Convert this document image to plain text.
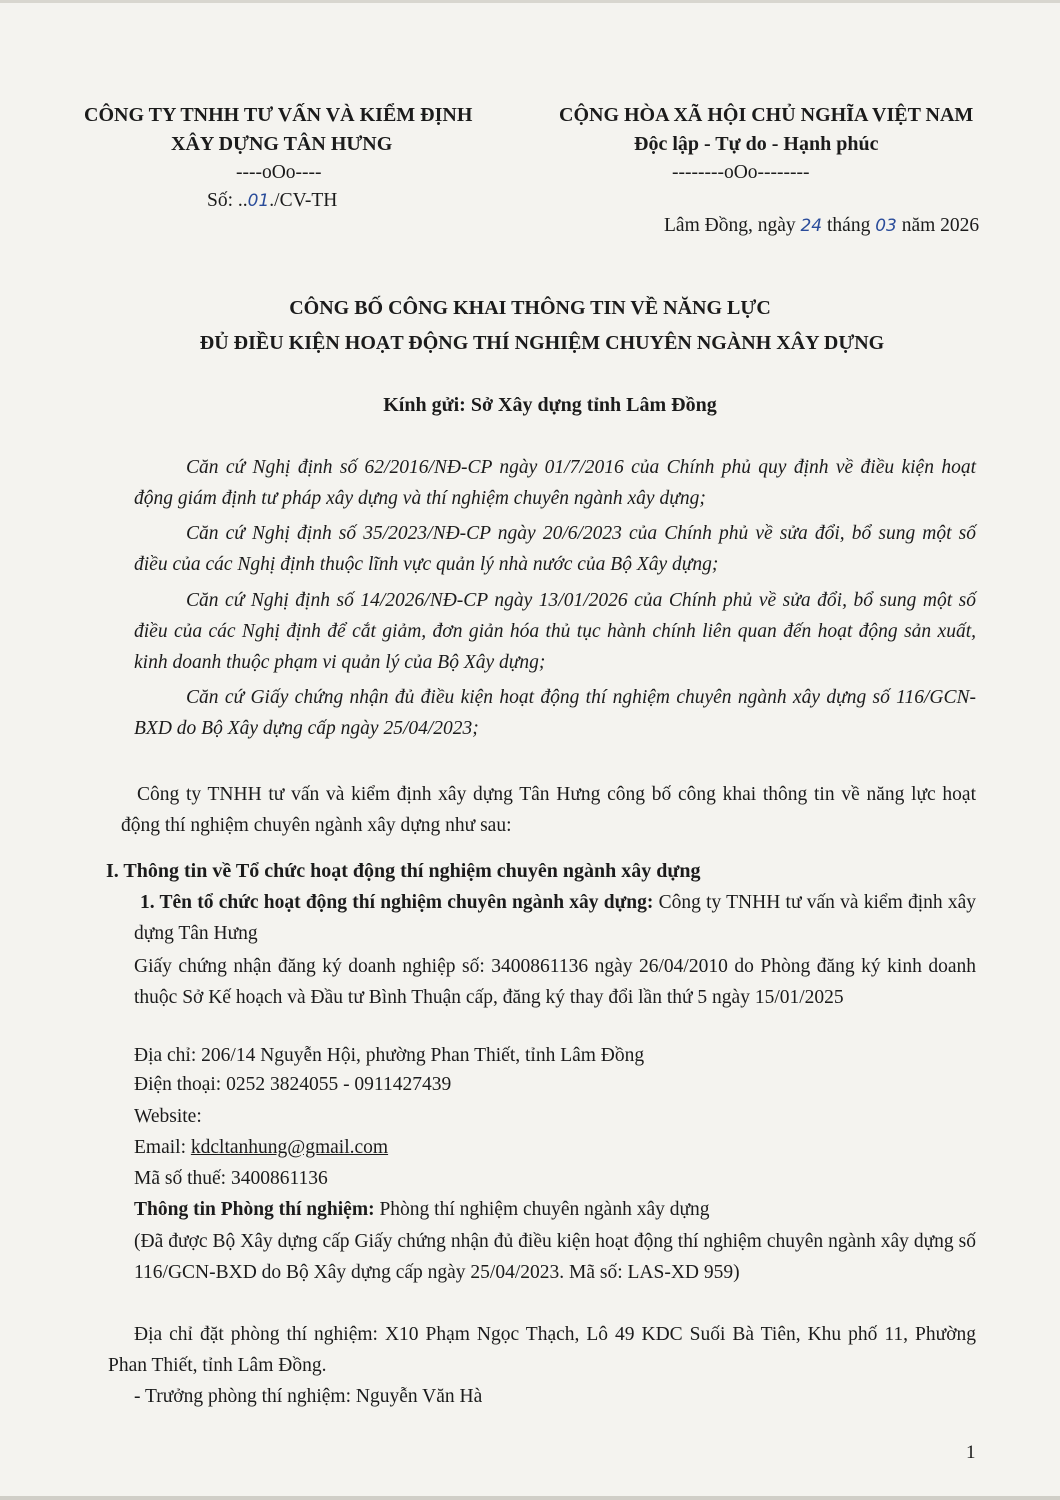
CÔNG TY TNHH TƯ VẤN VÀ KIỂM ĐỊNH
XÂY DỰNG TÂN HƯNG
----oOo----
Số: ..01./CV-TH
CỘNG HÒA XÃ HỘI CHỦ NGHĨA VIỆT NAM
Độc lập - Tự do - Hạnh phúc
--------oOo--------
Lâm Đồng, ngày 24 tháng 03 năm 2026
CÔNG BỐ CÔNG KHAI THÔNG TIN VỀ NĂNG LỰC
ĐỦ ĐIỀU KIỆN HOẠT ĐỘNG THÍ NGHIỆM CHUYÊN NGÀNH XÂY DỰNG
Kính gửi: Sở Xây dựng tỉnh Lâm Đồng
Căn cứ Nghị định số 62/2016/NĐ-CP ngày 01/7/2016 của Chính phủ quy định về điều kiện hoạt động giám định tư pháp xây dựng và thí nghiệm chuyên ngành xây dựng;
Căn cứ Nghị định số 35/2023/NĐ-CP ngày 20/6/2023 của Chính phủ về sửa đổi, bổ sung một số điều của các Nghị định thuộc lĩnh vực quản lý nhà nước của Bộ Xây dựng;
Căn cứ Nghị định số 14/2026/NĐ-CP ngày 13/01/2026 của Chính phủ về sửa đổi, bổ sung một số điều của các Nghị định để cắt giảm, đơn giản hóa thủ tục hành chính liên quan đến hoạt động sản xuất, kinh doanh thuộc phạm vi quản lý của Bộ Xây dựng;
Căn cứ Giấy chứng nhận đủ điều kiện hoạt động thí nghiệm chuyên ngành xây dựng số 116/GCN-BXD do Bộ Xây dựng cấp ngày 25/04/2023;
Công ty TNHH tư vấn và kiểm định xây dựng Tân Hưng công bố công khai thông tin về năng lực hoạt động thí nghiệm chuyên ngành xây dựng như sau:
I. Thông tin về Tổ chức hoạt động thí nghiệm chuyên ngành xây dựng
1. Tên tổ chức hoạt động thí nghiệm chuyên ngành xây dựng: Công ty TNHH tư vấn và kiểm định xây dựng Tân Hưng
Giấy chứng nhận đăng ký doanh nghiệp số: 3400861136 ngày 26/04/2010 do Phòng đăng ký kinh doanh thuộc Sở Kế hoạch và Đầu tư Bình Thuận cấp, đăng ký thay đổi lần thứ 5 ngày 15/01/2025
Địa chỉ: 206/14 Nguyễn Hội, phường Phan Thiết, tỉnh Lâm Đồng
Điện thoại: 0252 3824055 - 0911427439
Website:
Email: kdcltanhung@gmail.com
Mã số thuế: 3400861136
Thông tin Phòng thí nghiệm: Phòng thí nghiệm chuyên ngành xây dựng
(Đã được Bộ Xây dựng cấp Giấy chứng nhận đủ điều kiện hoạt động thí nghiệm chuyên ngành xây dựng số 116/GCN-BXD do Bộ Xây dựng cấp ngày 25/04/2023. Mã số: LAS-XD 959)
Địa chỉ đặt phòng thí nghiệm: X10 Phạm Ngọc Thạch, Lô 49 KDC Suối Bà Tiên, Khu phố 11, Phường Phan Thiết, tỉnh Lâm Đồng.
- Trưởng phòng thí nghiệm: Nguyễn Văn Hà
1
